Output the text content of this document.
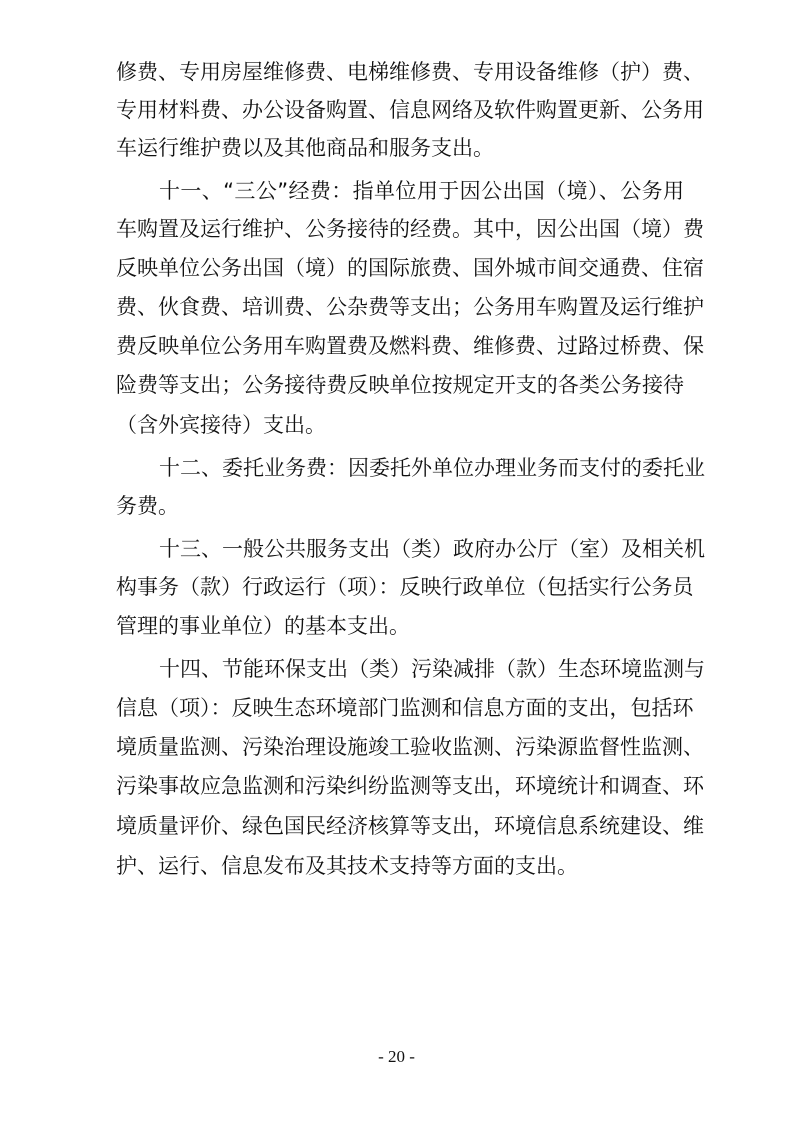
修费、专用房屋维修费、电梯维修费、专用设备维修（护）费、
专用材料费、办公设备购置、信息网络及软件购置更新、公务用
车运行维护费以及其他商品和服务支出。
十一、“三公”经费：指单位用于因公出国（境）、公务用
车购置及运行维护、公务接待的经费。其中，因公出国（境）费
反映单位公务出国（境）的国际旅费、国外城市间交通费、住宿
费、伙食费、培训费、公杂费等支出；公务用车购置及运行维护
费反映单位公务用车购置费及燃料费、维修费、过路过桥费、保
险费等支出；公务接待费反映单位按规定开支的各类公务接待
（含外宾接待）支出。
十二、委托业务费：因委托外单位办理业务而支付的委托业
务费。
十三、一般公共服务支出（类）政府办公厅（室）及相关机
构事务（款）行政运行（项）：反映行政单位（包括实行公务员
管理的事业单位）的基本支出。
十四、节能环保支出（类）污染减排（款）生态环境监测与
信息（项）：反映生态环境部门监测和信息方面的支出，包括环
境质量监测、污染治理设施竣工验收监测、污染源监督性监测、
污染事故应急监测和污染纠纷监测等支出，环境统计和调查、环
境质量评价、绿色国民经济核算等支出，环境信息系统建设、维
护、运行、信息发布及其技术支持等方面的支出。
- 20 -
